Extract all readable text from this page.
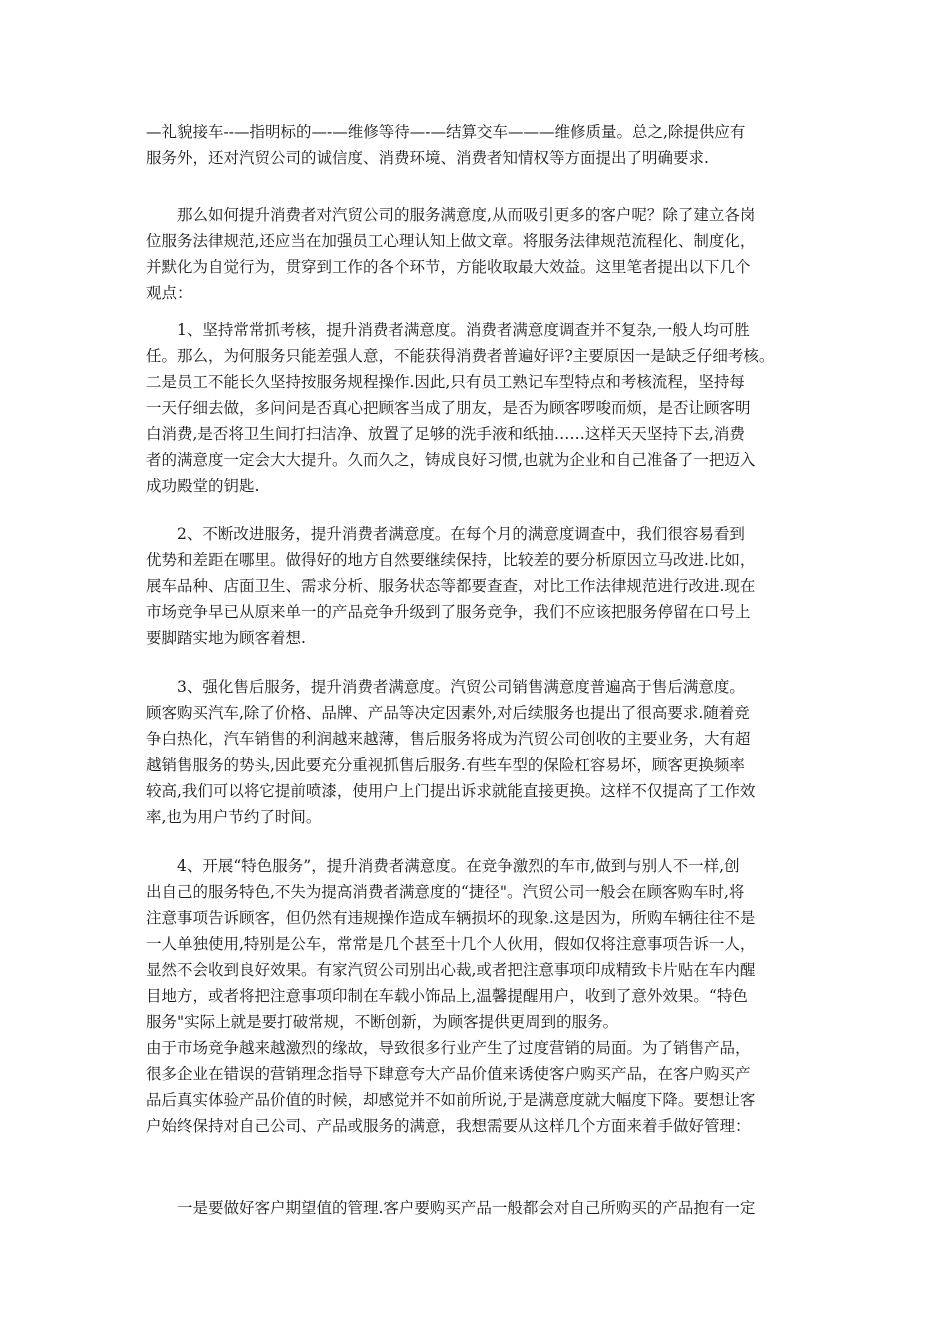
—礼貌接车--—指明标的—-—维修等待—-—结算交车———维修质量。总之,除提供应有
服务外，还对汽贸公司的诚信度、消费环境、消费者知情权等方面提出了明确要求.
　　那么如何提升消费者对汽贸公司的服务满意度,从而吸引更多的客户呢？除了建立各岗
位服务法律规范,还应当在加强员工心理认知上做文章。将服务法律规范流程化、制度化，
并默化为自觉行为，贯穿到工作的各个环节，方能收取最大效益。这里笔者提出以下几个
观点：
　　1、坚持常常抓考核，提升消费者满意度。消费者满意度调查并不复杂,一般人均可胜
任。那么，为何服务只能差强人意，不能获得消费者普遍好评?主要原因一是缺乏仔细考核。
二是员工不能长久坚持按服务规程操作.因此,只有员工熟记车型特点和考核流程，坚持每
一天仔细去做，多问问是否真心把顾客当成了朋友，是否为顾客啰唆而烦，是否让顾客明
白消费,是否将卫生间打扫洁净、放置了足够的洗手液和纸抽……这样天天坚持下去,消费
者的满意度一定会大大提升。久而久之，铸成良好习惯,也就为企业和自己准备了一把迈入
成功殿堂的钥匙.
　　2、不断改进服务，提升消费者满意度。在每个月的满意度调查中，我们很容易看到
优势和差距在哪里。做得好的地方自然要继续保持，比较差的要分析原因立马改进.比如，
展车品种、店面卫生、需求分析、服务状态等都要查查，对比工作法律规范进行改进.现在
市场竞争早已从原来单一的产品竞争升级到了服务竞争，我们不应该把服务停留在口号上
要脚踏实地为顾客着想.
　　3、强化售后服务，提升消费者满意度。汽贸公司销售满意度普遍高于售后满意度。
顾客购买汽车,除了价格、品牌、产品等决定因素外,对后续服务也提出了很高要求.随着竞
争白热化，汽车销售的利润越来越薄，售后服务将成为汽贸公司创收的主要业务，大有超
越销售服务的势头,因此要充分重视抓售后服务.有些车型的保险杠容易坏，顾客更换频率
较高,我们可以将它提前喷漆，使用户上门提出诉求就能直接更换。这样不仅提高了工作效
率,也为用户节约了时间。
　　4、开展“特色服务”，提升消费者满意度。在竞争激烈的车市,做到与别人不一样,创
出自己的服务特色,不失为提高消费者满意度的“捷径"。汽贸公司一般会在顾客购车时,将
注意事项告诉顾客，但仍然有违规操作造成车辆损坏的现象.这是因为，所购车辆往往不是
一人单独使用,特别是公车，常常是几个甚至十几个人伙用，假如仅将注意事项告诉一人，
显然不会收到良好效果。有家汽贸公司别出心裁,或者把注意事项印成精致卡片贴在车内醒
目地方，或者将把注意事项印制在车载小饰品上,温馨提醒用户，收到了意外效果。“特色
服务"实际上就是要打破常规，不断创新，为顾客提供更周到的服务。
由于市场竞争越来越激烈的缘故，导致很多行业产生了过度营销的局面。为了销售产品，
很多企业在错误的营销理念指导下肆意夸大产品价值来诱使客户购买产品，在客户购买产
品后真实体验产品价值的时候，却感觉并不如前所说,于是满意度就大幅度下降。要想让客
户始终保持对自己公司、产品或服务的满意，我想需要从这样几个方面来着手做好管理：
　　一是要做好客户期望值的管理.客户要购买产品一般都会对自己所购买的产品抱有一定
